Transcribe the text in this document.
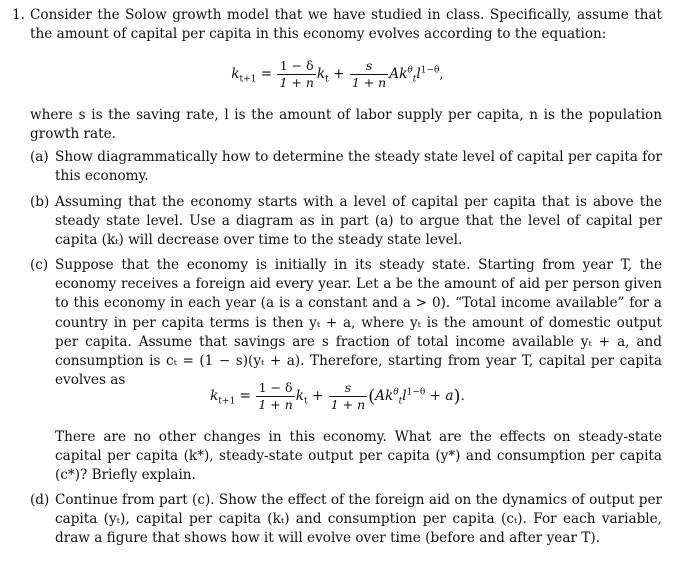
1. Consider the Solow growth model that we have studied in class. Specifically, assume that the amount of capital per capita in this economy evolves according to the equation:
$k_{t+1} = \frac{1 - \delta}{1 + n} k_t + \frac{s}{1 + n} Ak^\theta_tl^{1-\theta}$,
where s is the saving rate, l is the amount of labor supply per capita, n is the population growth rate.
(a) Show diagrammatically how to determine the steady state level of capital per capita for this economy.
(b) Assuming that the economy starts with a level of capital per capita that is above the steady state level. Use a diagram as in part (a) to argue that the level of capital per capita (kₜ) will decrease over time to the steady state level.
(c) Suppose that the economy is initially in its steady state. Starting from year T, the economy receives a foreign aid every year. Let a be the amount of aid per person given to this economy in each year (a is a constant and a > 0). “Total income available” for a country in per capita terms is then yₜ + a, where yₜ is the amount of domestic output per capita. Assume that savings are s fraction of total income available yₜ + a, and consumption is cₜ = (1 − s)(yₜ + a). Therefore, starting from year T, capital per capita evolves as
$k_{t+1} = \frac{1 - \delta}{1 + n} k_t + \frac{s}{1 + n} (Ak^\theta_tl^{1-\theta} + a)$.
There are no other changes in this economy. What are the effects on steady-state capital per capita (k*), steady-state output per capita (y*) and consumption per capita (c*)? Briefly explain.
(d) Continue from part (c). Show the effect of the foreign aid on the dynamics of output per capita (yₜ), capital per capita (kₜ) and consumption per capita (cₜ). For each variable, draw a figure that shows how it will evolve over time (before and after year T).
